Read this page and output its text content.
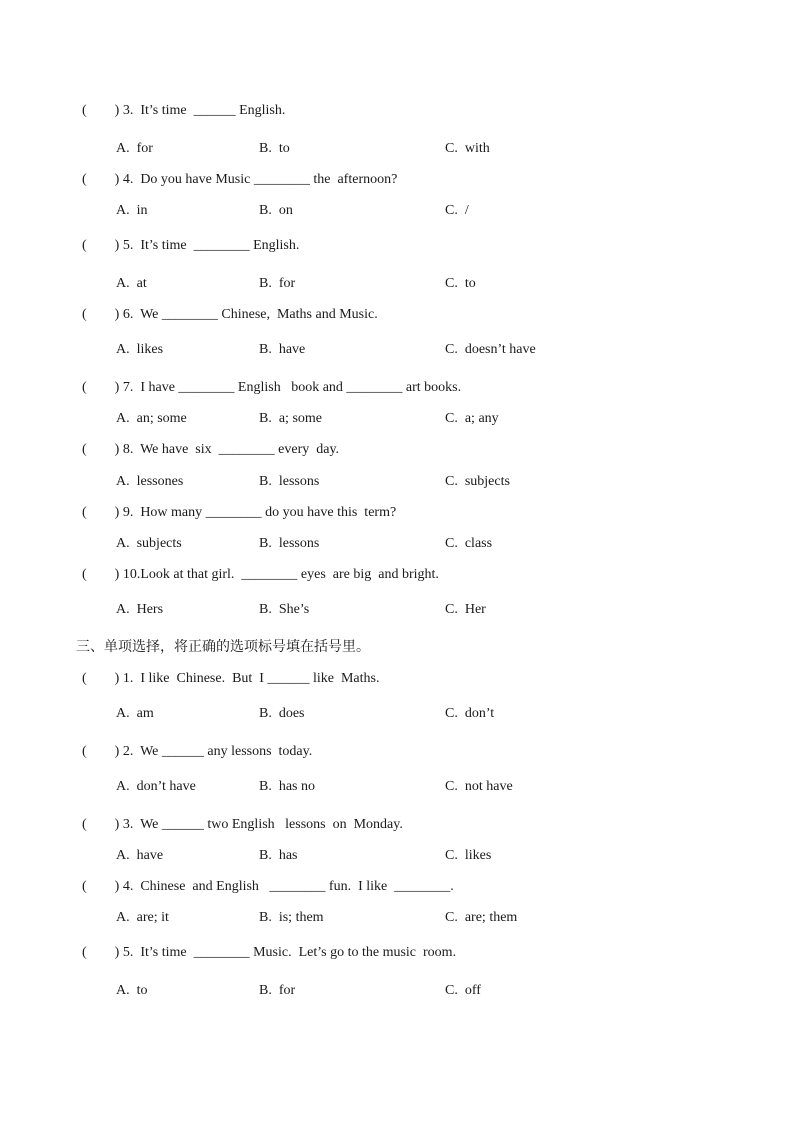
(        ) 3.  It’s time  ______ English.
A.  for	B.  to	C.  with
(        ) 4.  Do you have Music ________ the  afternoon?
A.  in	B.  on	C.  /
(        ) 5.  It’s time  ________ English.
A.  at	B.  for	C.  to
(        ) 6.  We ________ Chinese,  Maths and Music.
A.  likes	B.  have	C.  doesn’t have
(        ) 7.  I have ________ English   book and ________ art books.
A.  an; some	B.  a; some	C.  a; any
(        ) 8.  We have  six  ________ every  day.
A.  lessones	B.  lessons	C.  subjects
(        ) 9.  How many ________ do you have this  term?
A.  subjects	B.  lessons	C.  class
(        ) 10.Look at that girl.  ________ eyes  are big  and bright.
A.  Hers	B.  She’s	C.  Her
三、单项选择，将正确的选项标号填在括号里。
(        ) 1.  I like  Chinese.  But  I ______ like  Maths.
A.  am	B.  does	C.  don’t
(        ) 2.  We ______ any lessons  today.
A.  don’t have	B.  has no	C.  not have
(        ) 3.  We ______ two English   lessons  on  Monday.
A.  have	B.  has	C.  likes
(        ) 4.  Chinese  and English   ________ fun.  I like  ________.
A.  are; it	B.  is; them	C.  are; them
(        ) 5.  It’s time  ________ Music.  Let’s go to the music  room.
A.  to	B.  for	C.  off
